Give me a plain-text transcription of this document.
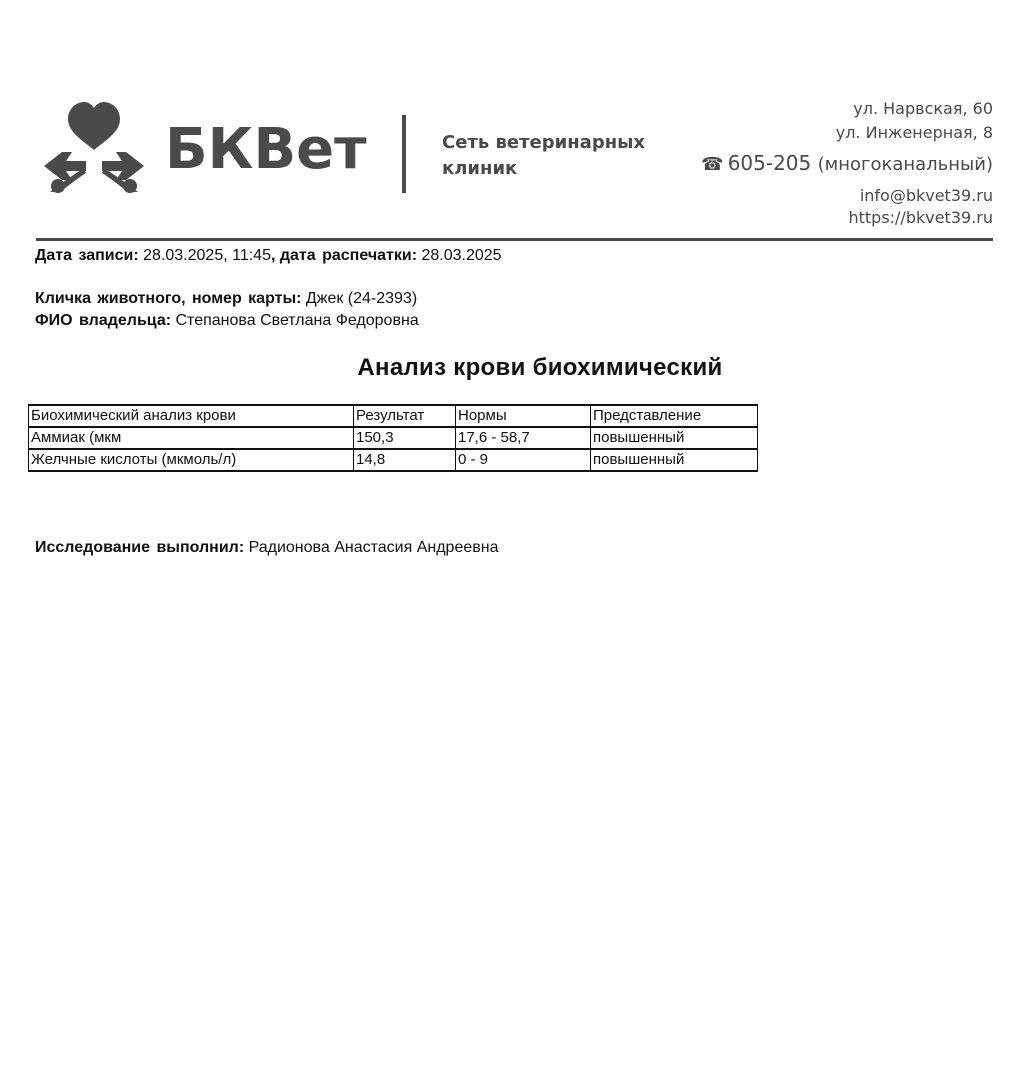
БКВет	Сеть ветеринарных
клиник
ул. Нарвская, 60
ул. Инженерная, 8
☎ 605-205 (многоканальный)
info@bkvet39.ru
https://bkvet39.ru
Дата записи: 28.03.2025, 11:45, дата распечатки: 28.03.2025
Кличка животного, номер карты: Джек (24-2393)
ФИО владельца: Степанова Светлана Федоровна
Анализ крови биохимический
Биохимический анализ крови	Результат	Нормы	Представление
Аммиак (мкм	150,3	17,6 - 58,7	повышенный
Желчные кислоты (мкмоль/л)	14,8	0 - 9	повышенный
Исследование выполнил: Радионова Анастасия Андреевна
